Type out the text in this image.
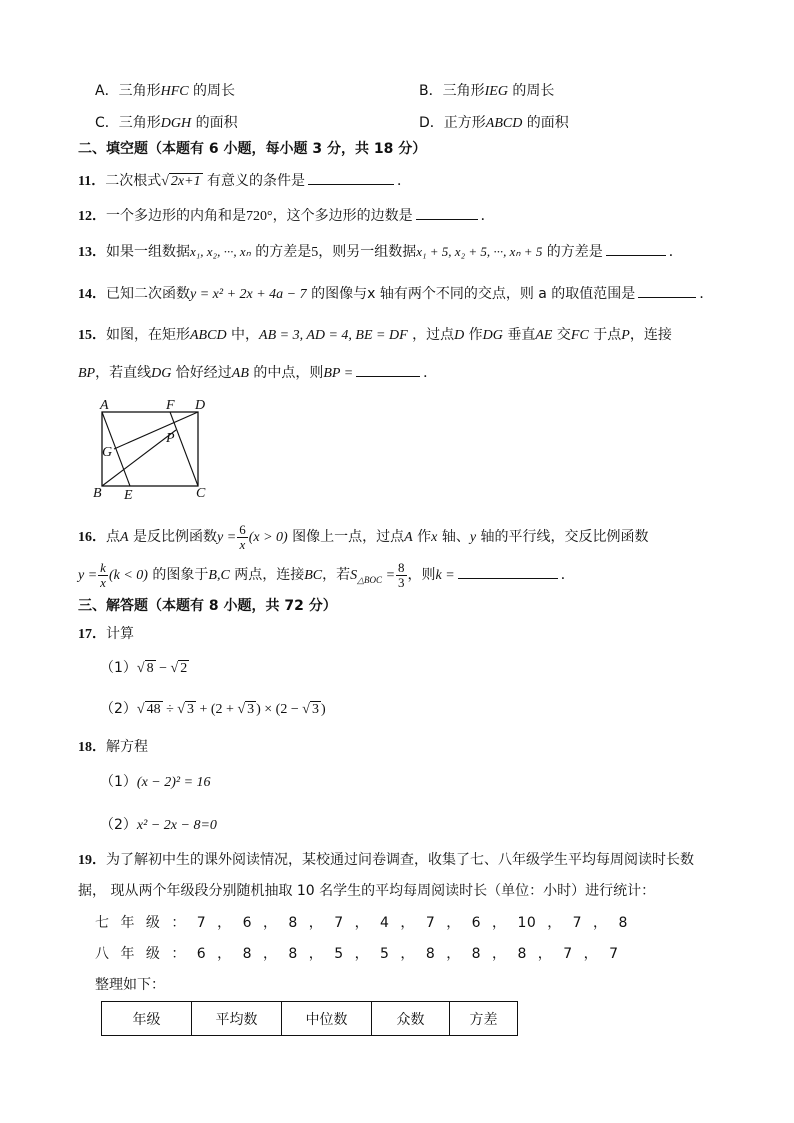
A．三角形HFC 的周长	B．三角形IEG 的周长
C．三角形DGH 的面积	D．正方形ABCD 的面积
二、填空题（本题有 6 小题，每小题 3 分，共 18 分）
11．二次根式√ 2x+1 有意义的条件是	．
12．一个多边形的内角和是720°，这个多边形的边数是	．
13．如果一组数据x₁, x₂, ···, xₙ 的方差是5，则另一组数据x₁ + 5, x₂ + 5, ···, xₙ + 5 的方差是	．
14．已知二次函数y = x² + 2x + 4a − 7 的图像与x 轴有两个不同的交点，则 a 的取值范围是	．
15．如图，在矩形ABCD 中，AB = 3, AD = 4, BE = DF ，过点D 作DG 垂直AE 交FC 于点P，连接
BP，若直线DG 恰好经过AB 的中点，则BP =	．
A	F D
G
P
B E	C
16．点A 是反比例函数$y = \frac{6}{x} (x > 0)$ 图像上一点，过点A 作x 轴、y 轴的平行线，交反比例函数
$y = \frac{k}{x} (k < 0)$ 的图象于B,C 两点，连接BC，若$S_{\triangle BOC} = \frac{8}{3}$ ，则k =	．
三、解答题（本题有 8 小题，共 72 分）
17．计算
（1）√ 8 − √ 2
（2）√ 48 ÷ √ 3 + (2 + √ 3 ) × (2 − √ 3 )
18．解方程
（1）(x − 2)² = 16
（2）x² − 2x − 8=0
19．为了解初中生的课外阅读情况，某校通过问卷调查，收集了七、八年级学生平均每周阅读时长数
据， 现从两个年级段分别随机抽取 10 名学生的平均每周阅读时长（单位：小时）进行统计：
七 年 级 ： 7 ， 6 ， 8 ， 7 ， 4 ， 7 ， 6 ， 10 ， 7 ， 8
八 年 级 ： 6 ， 8 ， 8 ， 5 ， 5 ， 8 ， 8 ， 8 ， 7 ， 7
整理如下：
年级	平均数	中位数	众数	方差
